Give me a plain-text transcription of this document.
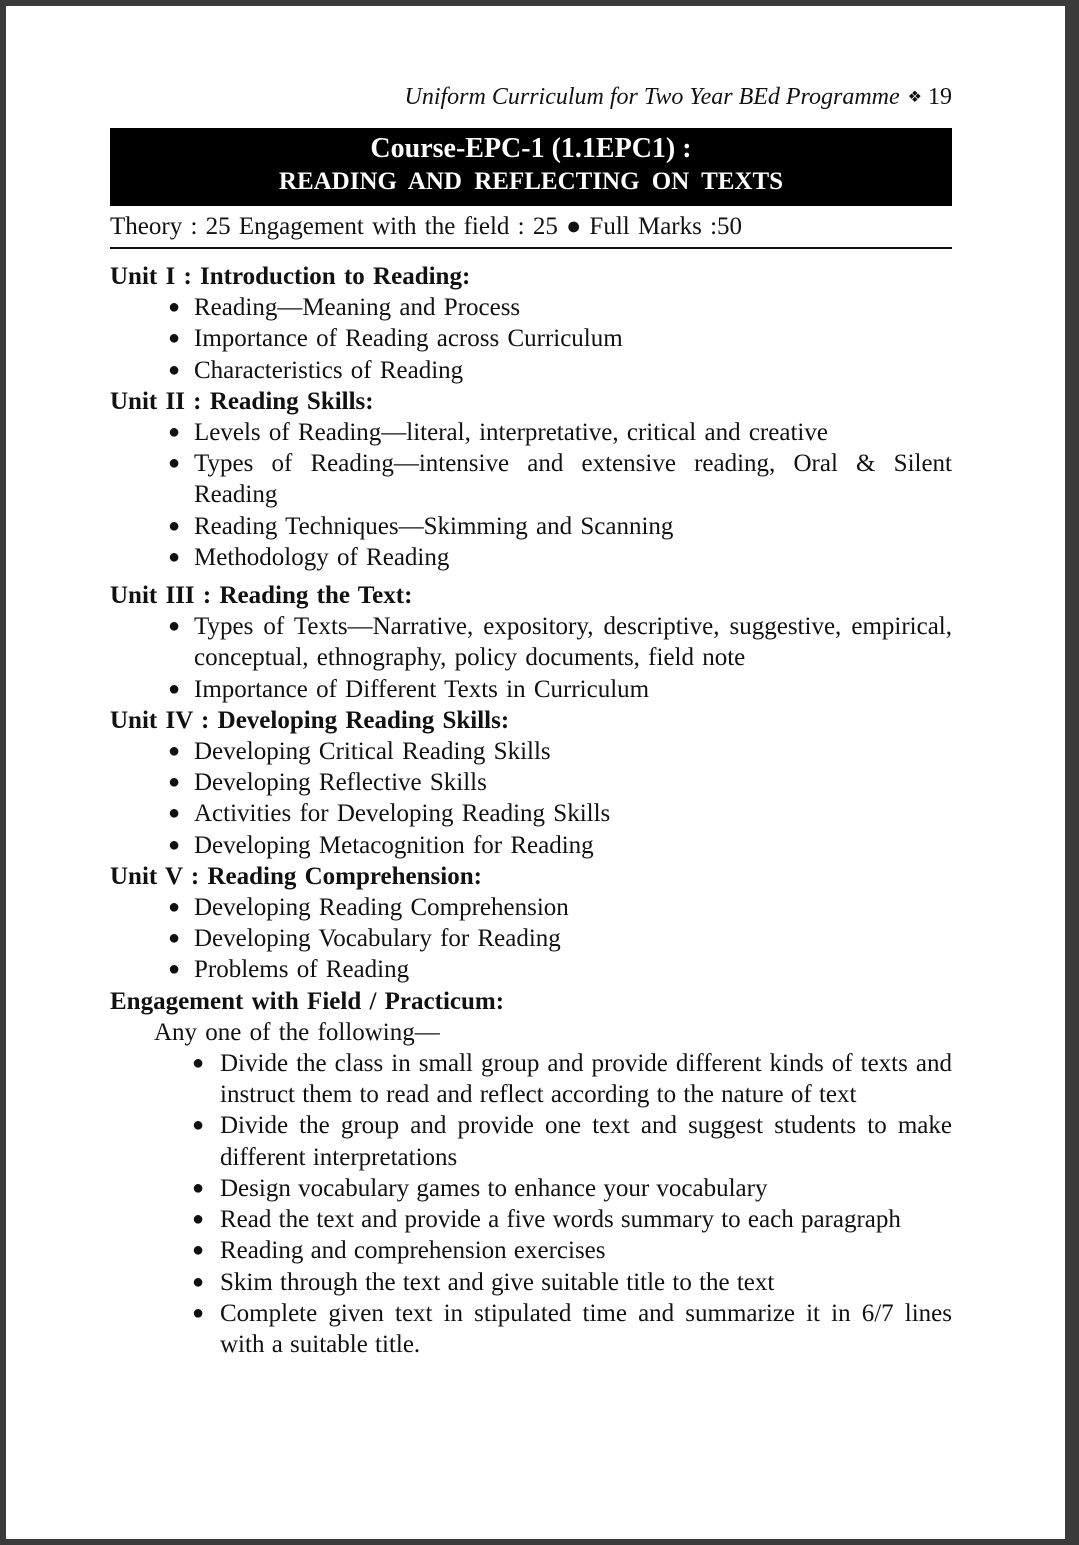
Uniform Curriculum for Two Year BEd Programme ❖ 19
Course-EPC-1 (1.1EPC1) :
READING AND REFLECTING ON TEXTS
Theory : 25 Engagement with the field : 25 ● Full Marks :50
Unit I : Introduction to Reading:
● Reading—Meaning and Process
● Importance of Reading across Curriculum
● Characteristics of Reading
Unit II : Reading Skills:
● Levels of Reading—literal, interpretative, critical and creative
● Types of Reading—intensive and extensive reading, Oral & Silent Reading
● Reading Techniques—Skimming and Scanning
● Methodology of Reading
Unit III : Reading the Text:
● Types of Texts—Narrative, expository, descriptive, suggestive, empirical, conceptual, ethnography, policy documents, field note
● Importance of Different Texts in Curriculum
Unit IV : Developing Reading Skills:
● Developing Critical Reading Skills
● Developing Reflective Skills
● Activities for Developing Reading Skills
● Developing Metacognition for Reading
Unit V : Reading Comprehension:
● Developing Reading Comprehension
● Developing Vocabulary for Reading
● Problems of Reading
Engagement with Field / Practicum:
Any one of the following—
● Divide the class in small group and provide different kinds of texts and instruct them to read and reflect according to the nature of text
● Divide the group and provide one text and suggest students to make different interpretations
● Design vocabulary games to enhance your vocabulary
● Read the text and provide a five words summary to each paragraph
● Reading and comprehension exercises
● Skim through the text and give suitable title to the text
● Complete given text in stipulated time and summarize it in 6/7 lines with a suitable title.
